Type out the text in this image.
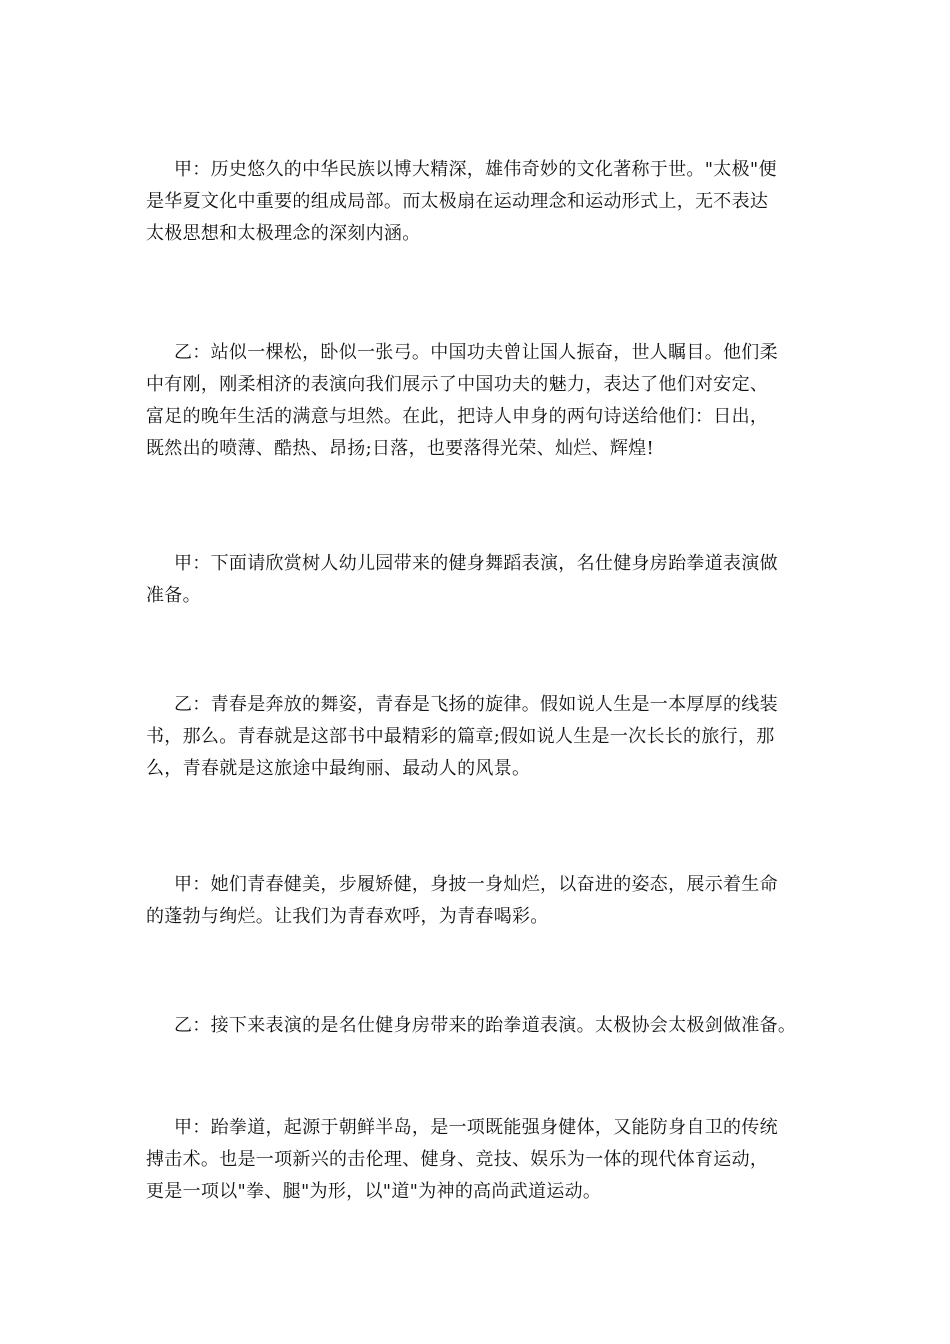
甲：历史悠久的中华民族以博大精深，雄伟奇妙的文化著称于世。"太极"便
是华夏文化中重要的组成局部。而太极扇在运动理念和运动形式上，无不表达
太极思想和太极理念的深刻内涵。
乙：站似一棵松，卧似一张弓。中国功夫曾让国人振奋，世人瞩目。他们柔
中有刚，刚柔相济的表演向我们展示了中国功夫的魅力，表达了他们对安定、
富足的晚年生活的满意与坦然。在此，把诗人申身的两句诗送给他们：日出，
既然出的喷薄、酷热、昂扬;日落，也要落得光荣、灿烂、辉煌!
甲：下面请欣赏树人幼儿园带来的健身舞蹈表演，名仕健身房跆拳道表演做
准备。
乙：青春是奔放的舞姿，青春是飞扬的旋律。假如说人生是一本厚厚的线装
书，那么。青春就是这部书中最精彩的篇章;假如说人生是一次长长的旅行，那
么，青春就是这旅途中最绚丽、最动人的风景。
甲：她们青春健美，步履矫健，身披一身灿烂，以奋进的姿态，展示着生命
的蓬勃与绚烂。让我们为青春欢呼，为青春喝彩。
乙：接下来表演的是名仕健身房带来的跆拳道表演。太极协会太极剑做准备。
甲：跆拳道，起源于朝鲜半岛，是一项既能强身健体，又能防身自卫的传统
搏击术。也是一项新兴的击伦理、健身、竞技、娱乐为一体的现代体育运动，
更是一项以"拳、腿"为形，以"道"为神的高尚武道运动。
